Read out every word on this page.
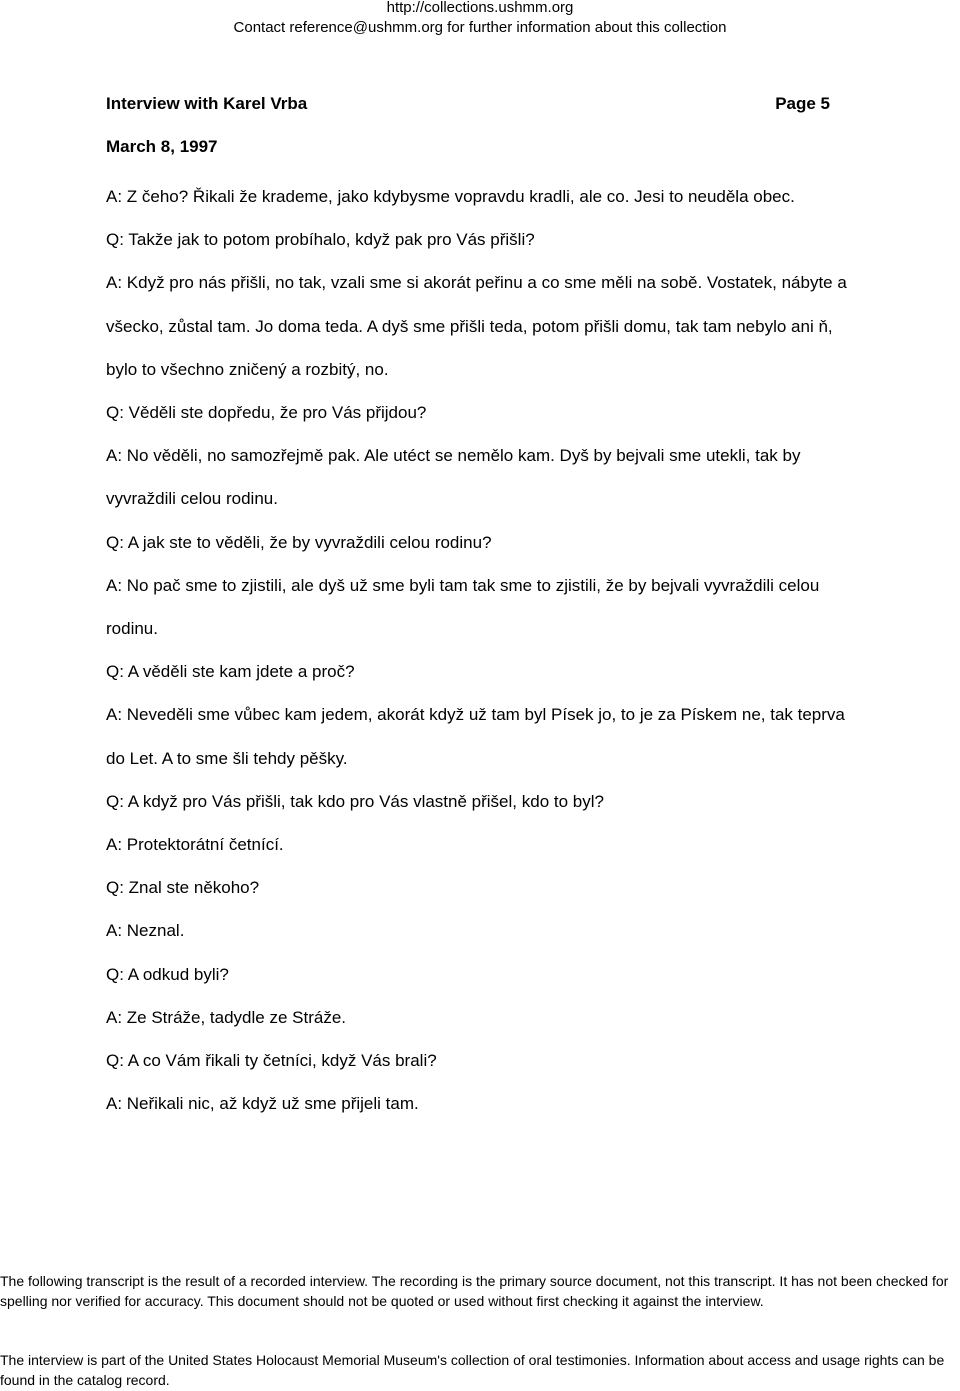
http://collections.ushmm.org
Contact reference@ushmm.org for further information about this collection
Interview with Karel Vrba	Page 5
March 8, 1997

A: Z čeho? Řikali že krademe, jako kdybysme vopravdu kradli, ale co. Jesi to neuděla obec.

Q: Takže jak to potom probíhalo, když pak pro Vás přišli?

A: Když pro nás přišli, no tak, vzali sme si akorát peřinu a co sme měli na sobě. Vostatek, nábyte a všecko, zůstal tam. Jo doma teda. A dyš sme přišli teda, potom přišli domu, tak tam nebylo ani ň, bylo to všechno zničený a rozbitý, no.

Q: Věděli ste dopředu, že pro Vás přijdou?

A: No věděli, no samozřejmě pak. Ale utéct se nemělo kam. Dyš by bejvali sme utekli, tak by vyvraždili celou rodinu.

Q: A jak ste to věděli, že by vyvraždili celou rodinu?

A: No pač sme to zjistili, ale dyš už sme byli tam tak sme to zjistili, že by bejvali vyvraždili celou rodinu.

Q: A věděli ste kam jdete a proč?

A: Neveděli sme vůbec kam jedem, akorát když už tam byl Písek jo, to je za Pískem ne, tak teprva do Let. A to sme šli tehdy pěšky.

Q: A když pro Vás přišli, tak kdo pro Vás vlastně přišel, kdo to byl?

A: Protektorátní četnící.

Q: Znal ste někoho?

A: Neznal.

Q: A odkud byli?

A: Ze Stráže, tadydle ze Stráže.

Q: A co Vám řikali ty četníci, když Vás brali?

A: Neřikali nic, až když už sme přijeli tam.

The following transcript is the result of a recorded interview. The recording is the primary source document, not this transcript. It has not been checked for spelling nor verified for accuracy. This document should not be quoted or used without first checking it against the interview.
The interview is part of the United States Holocaust Memorial Museum's collection of oral testimonies. Information about access and usage rights can be found in the catalog record.
